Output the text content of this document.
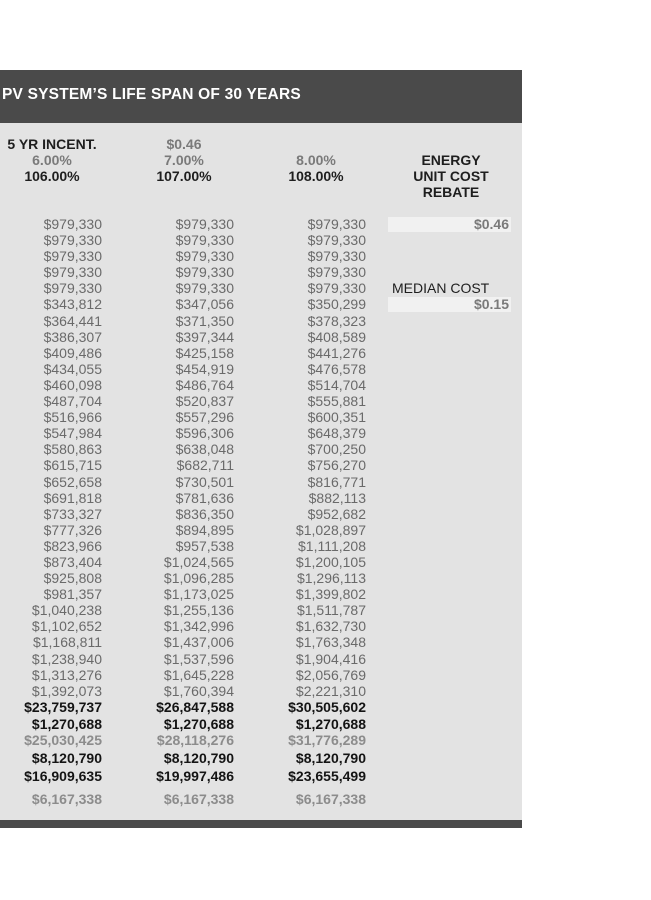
PV SYSTEM’S LIFE SPAN OF 30 YEARS
5 YR INCENT.
6.00%
106.00%
$979,330
$979,330
$979,330
$979,330
$979,330
$343,812
$364,441
$386,307
$409,486
$434,055
$460,098
$487,704
$516,966
$547,984
$580,863
$615,715
$652,658
$691,818
$733,327
$777,326
$823,966
$873,404
$925,808
$981,357
$1,040,238
$1,102,652
$1,168,811
$1,238,940
$1,313,276
$1,392,073
$23,759,737
$1,270,688
$25,030,425
$8,120,790
$16,909,635
$6,167,338
$0.46
7.00%
107.00%
$979,330
$979,330
$979,330
$979,330
$979,330
$347,056
$371,350
$397,344
$425,158
$454,919
$486,764
$520,837
$557,296
$596,306
$638,048
$682,711
$730,501
$781,636
$836,350
$894,895
$957,538
$1,024,565
$1,096,285
$1,173,025
$1,255,136
$1,342,996
$1,437,006
$1,537,596
$1,645,228
$1,760,394
$26,847,588
$1,270,688
$28,118,276
$8,120,790
$19,997,486
$6,167,338
8.00%
108.00%
$979,330
$979,330
$979,330
$979,330
$979,330
$350,299
$378,323
$408,589
$441,276
$476,578
$514,704
$555,881
$600,351
$648,379
$700,250
$756,270
$816,771
$882,113
$952,682
$1,028,897
$1,111,208
$1,200,105
$1,296,113
$1,399,802
$1,511,787
$1,632,730
$1,763,348
$1,904,416
$2,056,769
$2,221,310
$30,505,602
$1,270,688
$31,776,289
$8,120,790
$23,655,499
$6,167,338
ENERGY
UNIT COST
REBATE
$0.46
MEDIAN COST
$0.15
